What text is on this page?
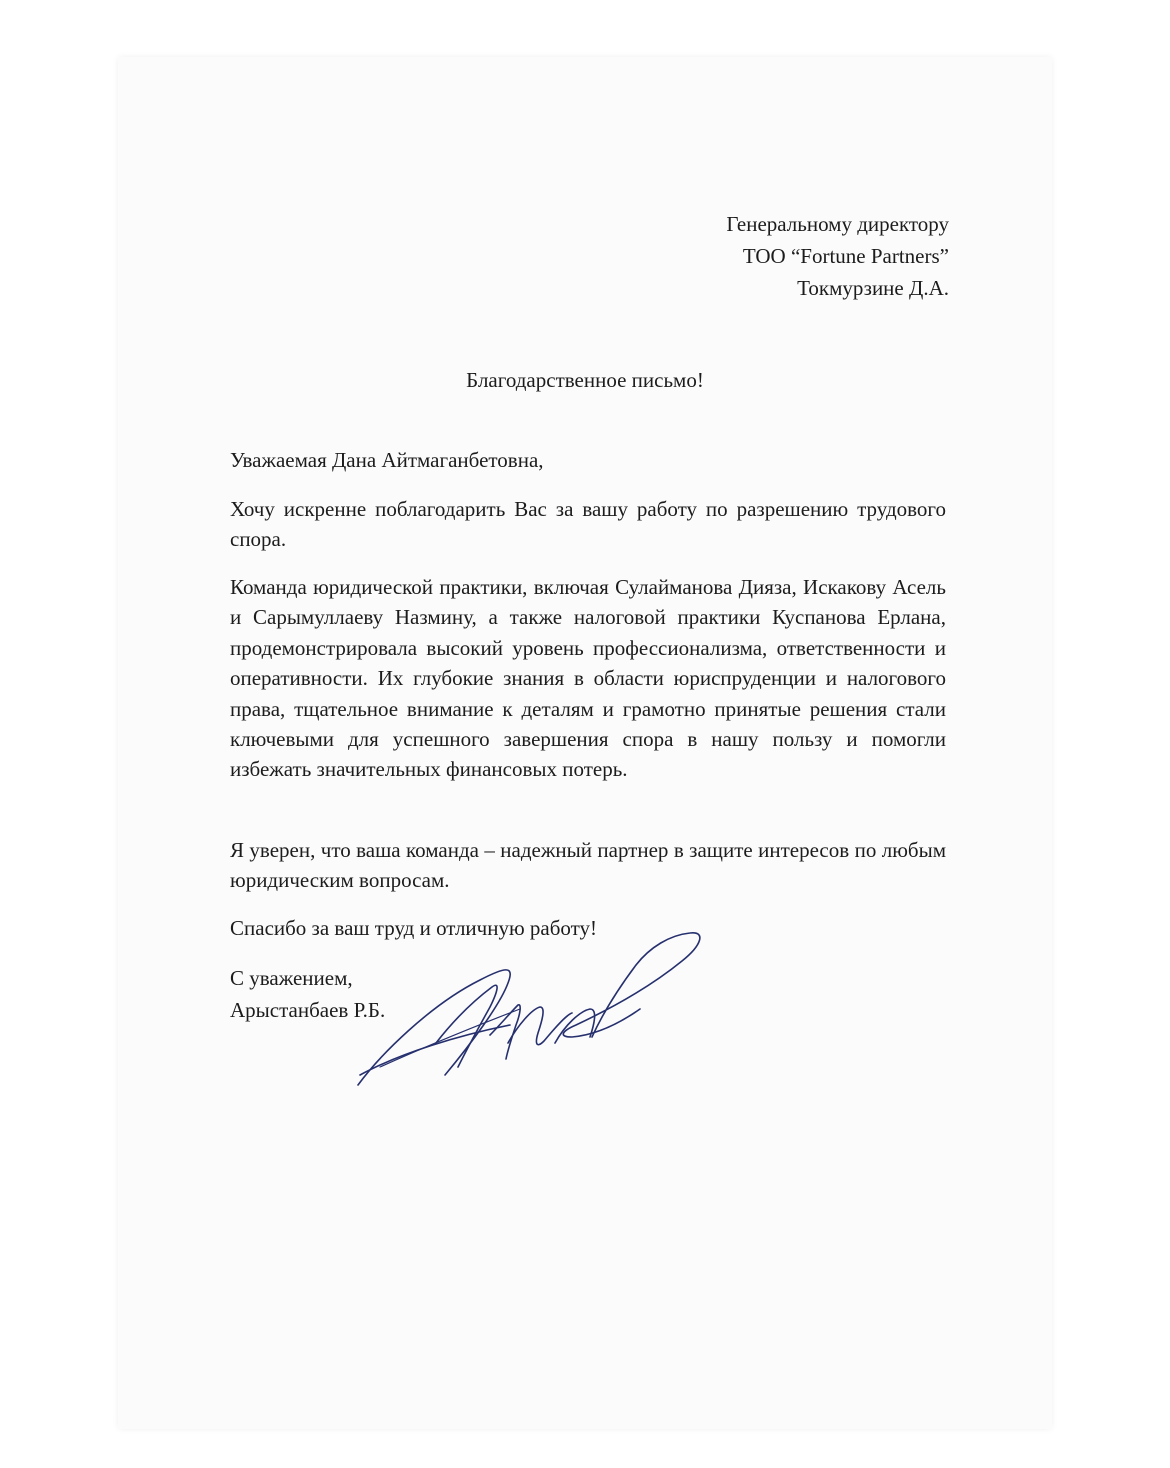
Генеральному директору
ТОО “Fortune Partners”
Токмурзине Д.А.
Благодарственное письмо!
Уважаемая Дана Айтмаганбетовна,
Хочу искренне поблагодарить Вас за вашу работу по разрешению трудового спора.
Команда юридической практики, включая Сулайманова Дияза, Искакову Асель и Сарымуллаеву Назмину, а также налоговой практики Куспанова Ерлана, продемонстрировала высокий уровень профессионализма, ответственности и оперативности. Их глубокие знания в области юриспруденции и налогового права, тщательное внимание к деталям и грамотно принятые решения стали ключевыми для успешного завершения спора в нашу пользу и помогли избежать значительных финансовых потерь.
Я уверен, что ваша команда – надежный партнер в защите интересов по любым юридическим вопросам.
Спасибо за ваш труд и отличную работу!
С уважением,
Арыстанбаев Р.Б.
